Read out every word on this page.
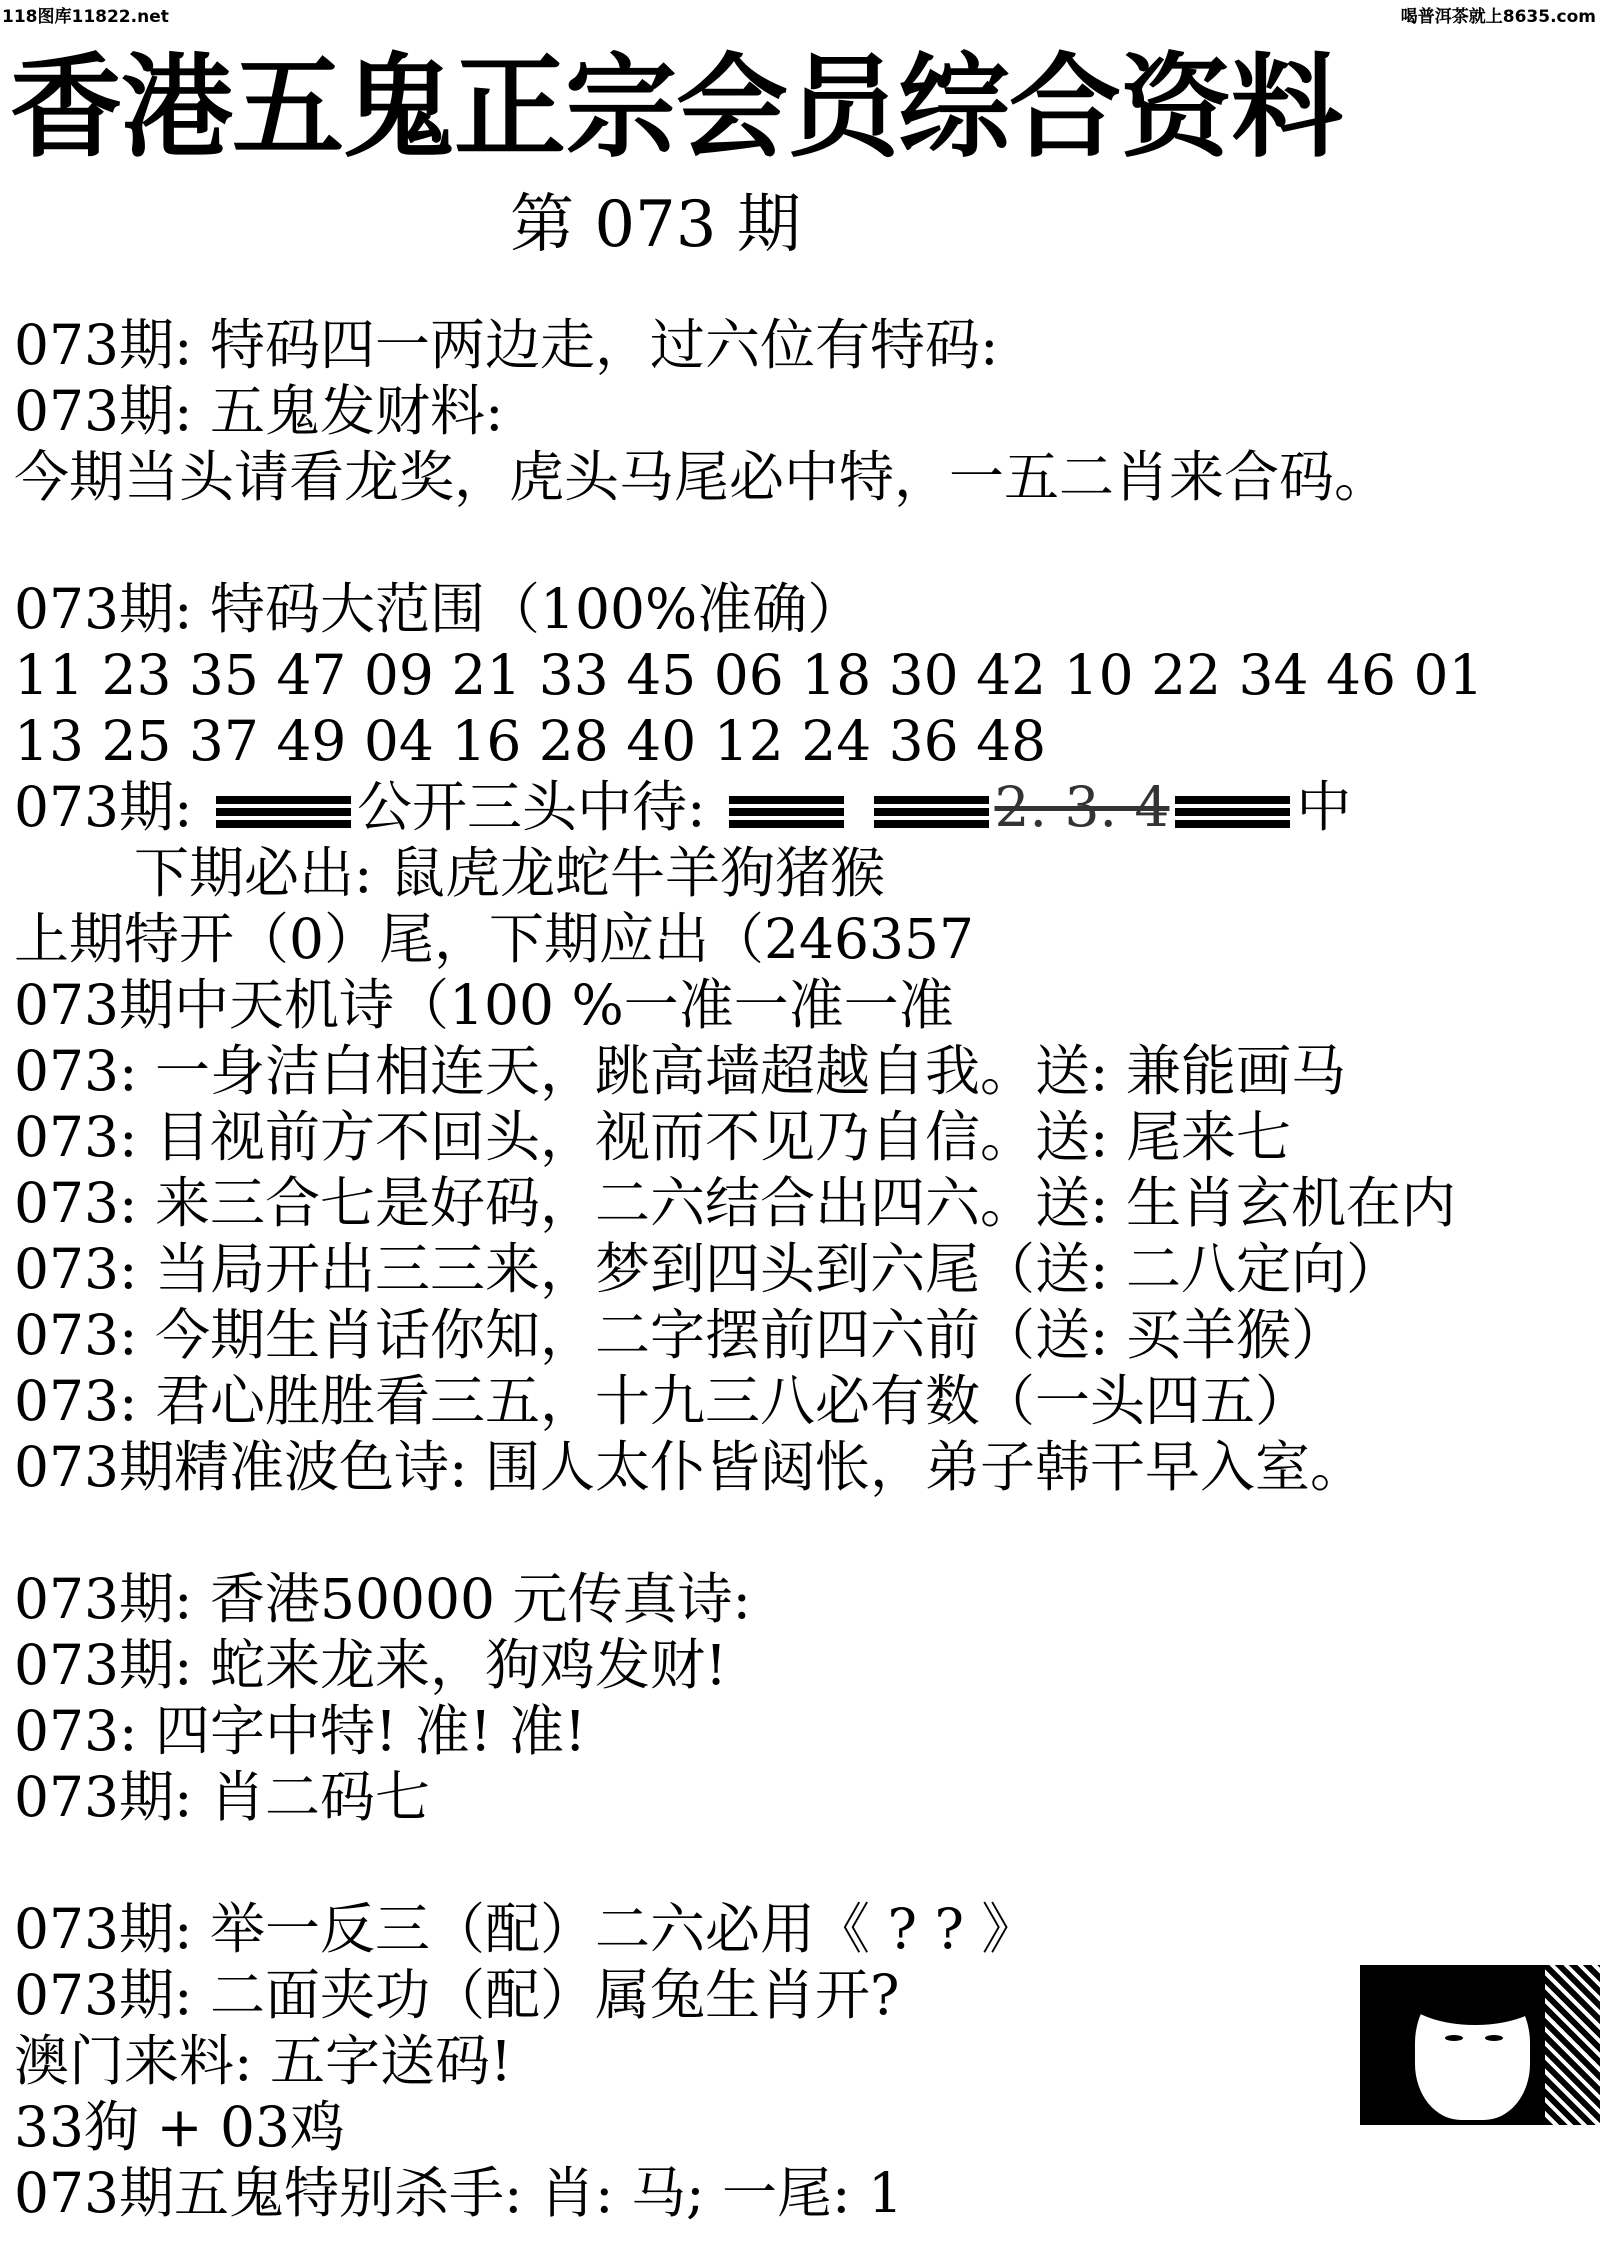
118图库11822.net	喝普洱茶就上8635.com
香港五鬼正宗会员综合资料
第 073 期
073期: 特码四一两边走，过六位有特码:
073期: 五鬼发财料:
今期当头请看龙奖，虎头马尾必中特，一五二肖来合码。
073期: 特码大范围（100%准确）
11 23 35 47 09 21 33 45 06 18 30 42 10 22 34 46 01
13 25 37 49 04 16 28 40 12 24 36 48
073期:	公开三头中待:	2. 3. 4 中
下期必出: 鼠虎龙蛇牛羊狗猪猴
上期特开（0）尾，下期应出（246357
073期中天机诗（100 %一准一准一准
073: 一身洁白相连天，跳高墙超越自我。送: 兼能画马
073: 目视前方不回头，视而不见乃自信。送: 尾来七
073: 来三合七是好码，二六结合出四六。送: 生肖玄机在内
073: 当局开出三三来，梦到四头到六尾（送: 二八定向）
073: 今期生肖话你知，二字摆前四六前（送: 买羊猴）
073: 君心胜胜看三五，十九三八必有数（一头四五）
073期精准波色诗: 围人太仆皆闼怅，弟子韩干早入室。
073期: 香港50000 元传真诗:
073期: 蛇来龙来，狗鸡发财!
073: 四字中特! 准! 准!
073期: 肖二码七
073期: 举一反三（配）二六必用《 ? ? 》
073期: 二面夹功（配）属兔生肖开?
澳门来料: 五字送码!
33狗 + 03鸡
073期五鬼特别杀手: 肖: 马; 一尾: 1
